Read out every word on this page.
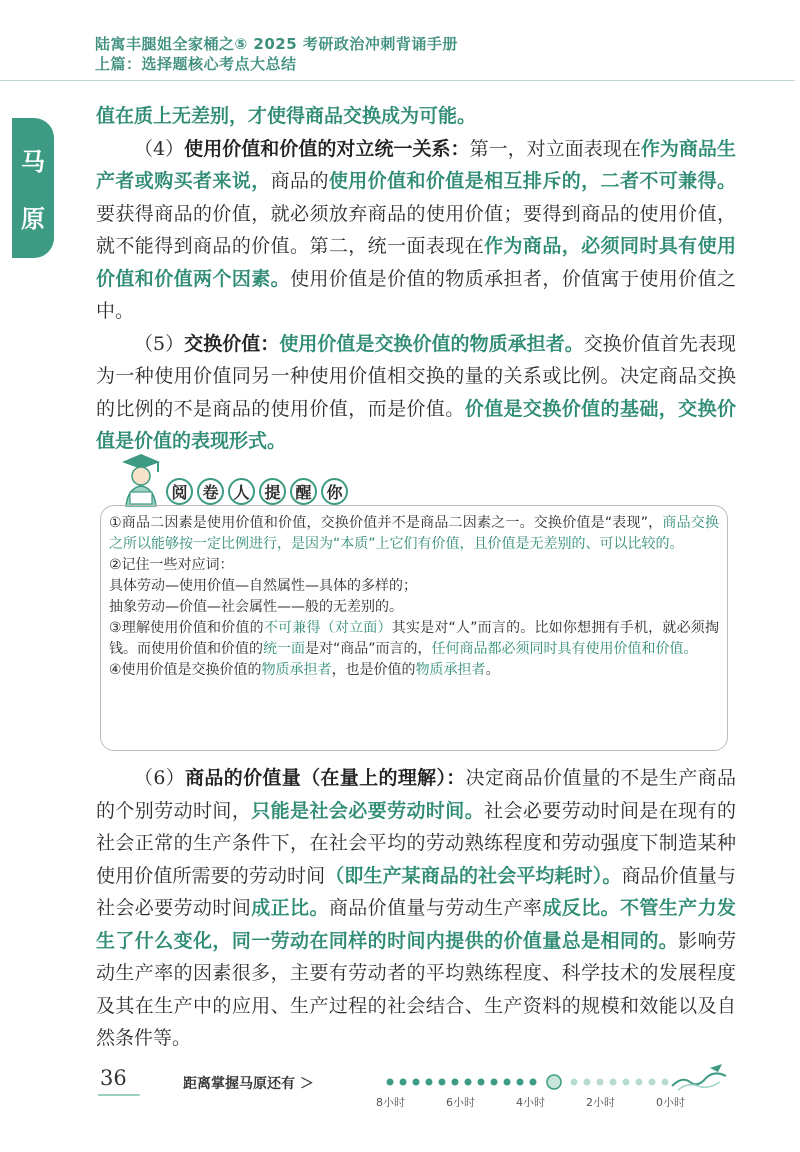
陆寓丰腿姐全家桶之⑤ 2025 考研政治冲刺背诵手册
上篇：选择题核心考点大总结
马
原

值在质上无差别，才使得商品交换成为可能。

（4）使用价值和价值的对立统一关系：第一，对立面表现在作为商品生产者或购买者来说，商品的使用价值和价值是相互排斥的，二者不可兼得。要获得商品的价值，就必须放弃商品的使用价值；要得到商品的使用价值，就不能得到商品的价值。第二，统一面表现在作为商品，必须同时具有使用价值和价值两个因素。使用价值是价值的物质承担者，价值寓于使用价值之中。

（5）交换价值：使用价值是交换价值的物质承担者。交换价值首先表现为一种使用价值同另一种使用价值相交换的量的关系或比例。决定商品交换的比例的不是商品的使用价值，而是价值。价值是交换价值的基础，交换价值是价值的表现形式。

阅 卷 人 提 醒 你
①商品二因素是使用价值和价值，交换价值并不是商品二因素之一。交换价值是“表现”，商品交换之所以能够按一定比例进行，是因为“本质”上它们有价值，且价值是无差别的、可以比较的。
②记住一些对应词：
具体劳动—使用价值—自然属性—具体的多样的；
抽象劳动—价值—社会属性——般的无差别的。
③理解使用价值和价值的不可兼得（对立面）其实是对“人”而言的。比如你想拥有手机，就必须掏钱。而使用价值和价值的统一面是对“商品”而言的，任何商品都必须同时具有使用价值和价值。
④使用价值是交换价值的物质承担者，也是价值的物质承担者。

（6）商品的价值量（在量上的理解）：决定商品价值量的不是生产商品的个别劳动时间，只能是社会必要劳动时间。社会必要劳动时间是在现有的社会正常的生产条件下，在社会平均的劳动熟练程度和劳动强度下制造某种使用价值所需要的劳动时间（即生产某商品的社会平均耗时）。商品价值量与社会必要劳动时间成正比。商品价值量与劳动生产率成反比。不管生产力发生了什么变化，同一劳动在同样的时间内提供的价值量总是相同的。影响劳动生产率的因素很多，主要有劳动者的平均熟练程度、科学技术的发展程度及其在生产中的应用、生产过程的社会结合、生产资料的规模和效能以及自然条件等。

36	距离掌握马原还有 ＞
8小时	6小时	4小时	2小时	0小时
